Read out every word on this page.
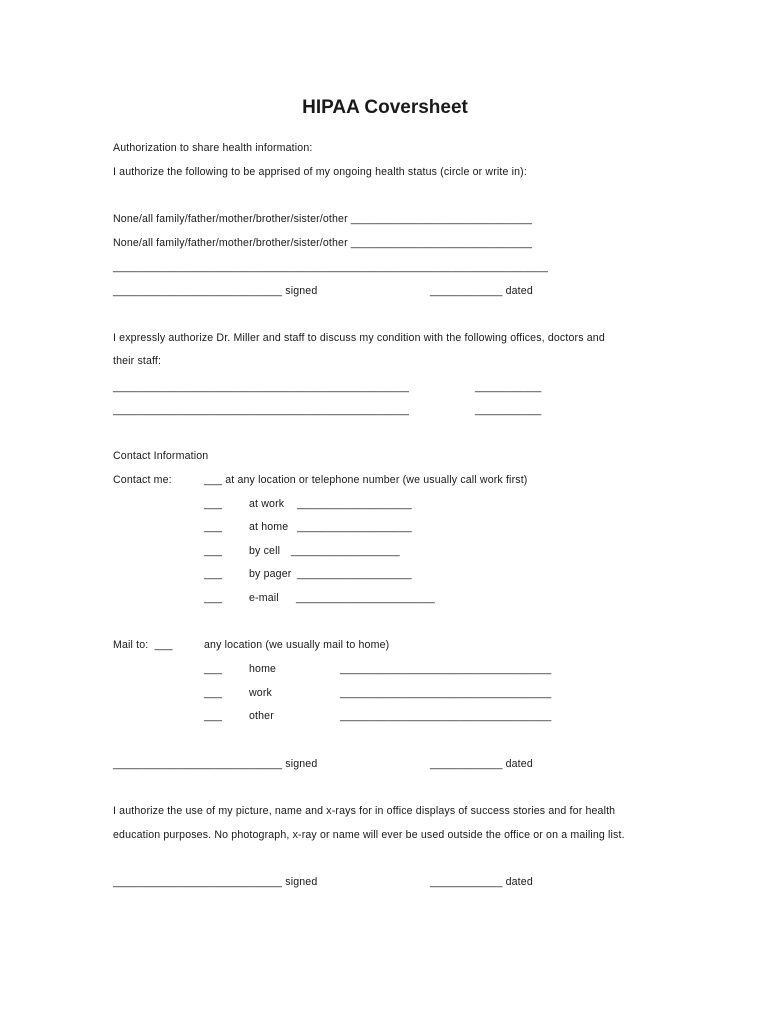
HIPAA Coversheet
Authorization to share health information:
I authorize the following to be apprised of my ongoing health status (circle or write in):
None/all family/father/mother/brother/sister/other ______________________________
None/all family/father/mother/brother/sister/other ______________________________
________________________________________________________________________
____________________________ signed	____________ dated
I expressly authorize Dr. Miller and staff to discuss my condition with the following offices, doctors and
their staff:
_________________________________________________	___________
_________________________________________________	___________
Contact Information
Contact me:	___ at any location or telephone number (we usually call work first)
___	at work ___________________
___	at home ___________________
___	by cell __________________
___	by pager ___________________
___	e-mail _______________________
Mail to:  ___	any location (we usually mail to home)
___	home	___________________________________
___	work	___________________________________
___	other	___________________________________
____________________________ signed	____________ dated
I authorize the use of my picture, name and x-rays for in office displays of success stories and for health
education purposes. No photograph, x-ray or name will ever be used outside the office or on a mailing list.
____________________________ signed	____________ dated
